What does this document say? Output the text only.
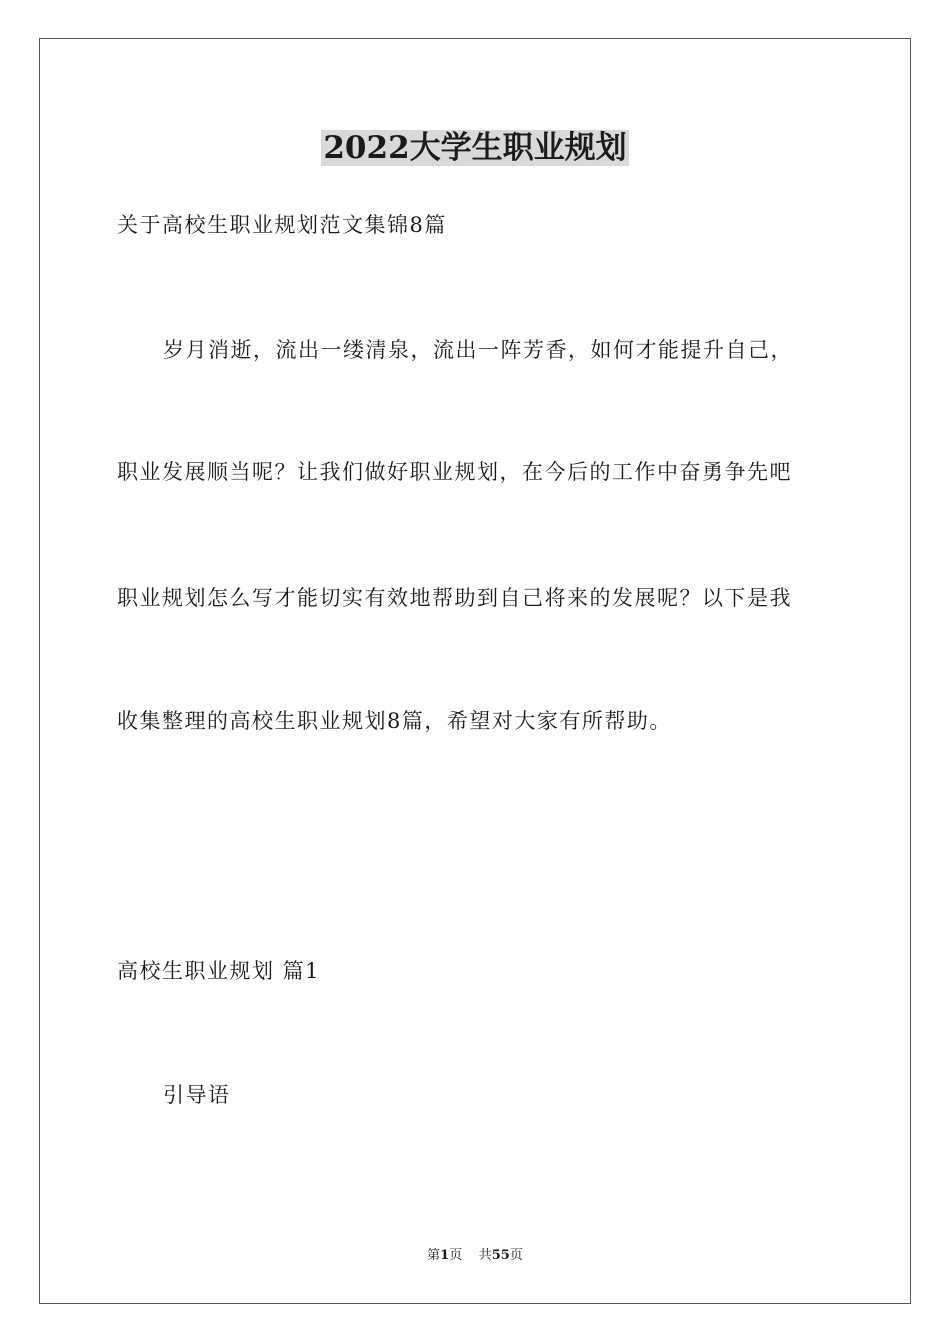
2022大学生职业规划

关于高校生职业规划范文集锦8篇

岁月消逝，流出一缕清泉，流出一阵芳香，如何才能提升自己，

职业发展顺当呢？让我们做好职业规划，在今后的工作中奋勇争先吧

职业规划怎么写才能切实有效地帮助到自己将来的发展呢？以下是我

收集整理的高校生职业规划8篇，希望对大家有所帮助。

高校生职业规划 篇1

引导语

第1页 共55页
